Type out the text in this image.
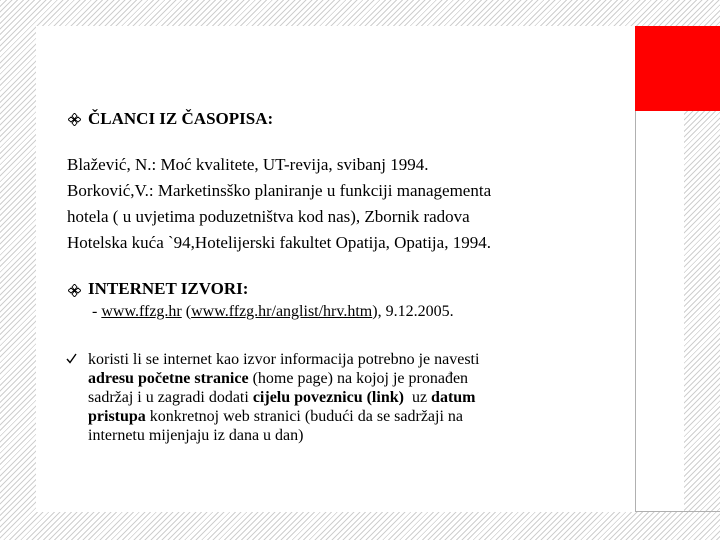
ČLANCI IZ ČASOPISA:
Blažević, N.: Moć kvalitete, UT-revija, svibanj 1994.
Borković,V.: Marketinsško planiranje u funkciji managementa
hotela ( u uvjetima poduzetništva kod nas), Zbornik radova
Hotelska kuća `94,Hotelijerski fakultet Opatija, Opatija, 1994.
INTERNET IZVORI:
- www.ffzg.hr (www.ffzg.hr/anglist/hrv.htm), 9.12.2005.
koristi li se internet kao izvor informacija potrebno je navesti
adresu početne stranice (home page) na kojoj je pronađen
sadržaj i u zagradi dodati cijelu poveznicu (link)  uz datum
pristupa konkretnoj web stranici (budući da se sadržaji na
internetu mijenjaju iz dana u dan)
